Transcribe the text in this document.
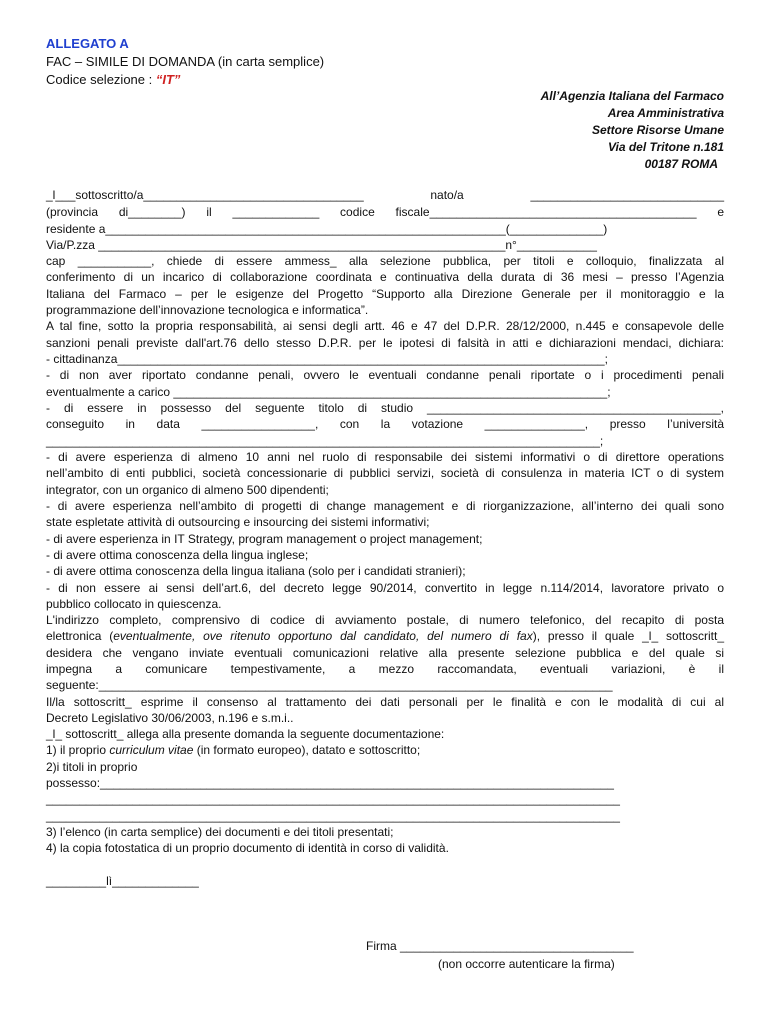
ALLEGATO A
FAC – SIMILE DI DOMANDA (in carta semplice)
Codice selezione : “IT”
All’Agenzia Italiana del Farmaco
Area Amministrativa
Settore Risorse Umane
Via del Tritone n.181
00187 ROMA
_l___sottoscritto/a_________________________________ nato/a _____________________________
(provincia di________) il _____________ codice fiscale________________________________________ e
residente a____________________________________________________________(______________)
Via/P.zza _____________________________________________________________n°____________
cap ___________, chiede di essere ammess_ alla selezione pubblica, per titoli e colloquio, finalizzata al
conferimento di un incarico di collaborazione coordinata e continuativa della durata di 36 mesi – presso l’Agenzia
Italiana del Farmaco – per le esigenze del Progetto “Supporto alla Direzione Generale per il monitoraggio e la
programmazione dell’innovazione tecnologica e informatica”.
A tal fine, sotto la propria responsabilità, ai sensi degli artt. 46 e 47 del D.P.R. 28/12/2000, n.445 e consapevole delle
sanzioni penali previste dall'art.76 dello stesso D.P.R. per le ipotesi di falsità in atti e dichiarazioni mendaci, dichiara:
- cittadinanza_________________________________________________________________________;
- di non aver riportato condanne penali, ovvero le eventuali condanne penali riportate o i procedimenti penali
eventualmente a carico _________________________________________________________________;
- di essere in possesso del seguente titolo di studio ____________________________________________,
conseguito in data _________________, con la votazione _______________, presso l’università
___________________________________________________________________________________;
- di avere esperienza di almeno 10 anni nel ruolo di responsabile dei sistemi informativi o di direttore operations
nell’ambito di enti pubblici, società concessionarie di pubblici servizi, società di consulenza in materia ICT o di system
integrator, con un organico di almeno 500 dipendenti;
- di avere esperienza nell’ambito di progetti di change management e di riorganizzazione, all’interno dei quali sono
state espletate attività di outsourcing e insourcing dei sistemi informativi;
- di avere esperienza in IT Strategy, program management o project management;
- di avere ottima conoscenza della lingua inglese;
- di avere ottima conoscenza della lingua italiana (solo per i candidati stranieri);
- di non essere ai sensi dell’art.6, del decreto legge 90/2014, convertito in legge n.114/2014, lavoratore privato o
pubblico collocato in quiescenza.
L'indirizzo completo, comprensivo di codice di avviamento postale, di numero telefonico, del recapito di posta
elettronica (eventualmente, ove ritenuto opportuno dal candidato, del numero di fax), presso il quale _l_ sottoscritt_
desidera che vengano inviate eventuali comunicazioni relative alla presente selezione pubblica e del quale si
impegna a comunicare tempestivamente, a mezzo raccomandata, eventuali variazioni, è il
seguente:_____________________________________________________________________________
Il/la sottoscritt_ esprime il consenso al trattamento dei dati personali per le finalità e con le modalità di cui al
Decreto Legislativo 30/06/2003, n.196 e s.m.i..
_l_ sottoscritt_ allega alla presente domanda la seguente documentazione:
1) il proprio curriculum vitae (in formato europeo), datato e sottoscritto;
2)i titoli in proprio
possesso:_____________________________________________________________________________
______________________________________________________________________________________
______________________________________________________________________________________
3) l’elenco (in carta semplice) dei documenti e dei titoli presentati;
4) la copia fotostatica di un proprio documento di identità in corso di validità.
_________lì_____________
Firma ___________________________________
(non occorre autenticare la firma)
